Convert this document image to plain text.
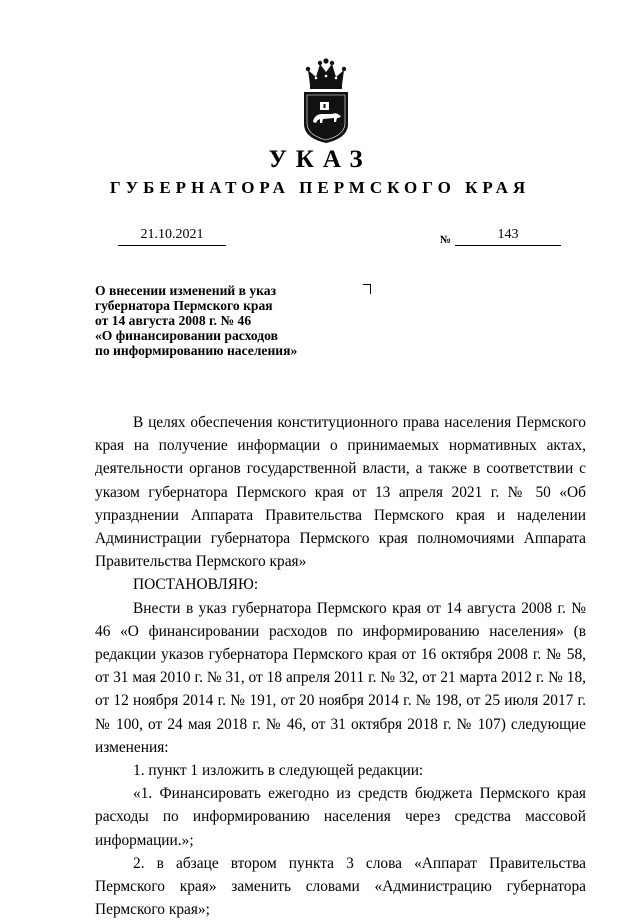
УКАЗ
ГУБЕРНАТОРА ПЕРМСКОГО КРАЯ
21.10.2021	№	143
О внесении изменений в указ
губернатора Пермского края
от 14 августа 2008 г. № 46
«О финансировании расходов
по информированию населения»

В целях обеспечения конституционного права населения Пермского края на получение информации о принимаемых нормативных актах, деятельности органов государственной власти, а также в соответствии с указом губернатора Пермского края от 13 апреля 2021 г. № 50 «Об упразднении Аппарата Правительства Пермского края и наделении Администрации губернатора Пермского края полномочиями Аппарата Правительства Пермского края»

ПОСТАНОВЛЯЮ:

Внести в указ губернатора Пермского края от 14 августа 2008 г. № 46 «О финансировании расходов по информированию населения» (в редакции указов губернатора Пермского края от 16 октября 2008 г. № 58, от 31 мая 2010 г. № 31, от 18 апреля 2011 г. № 32, от 21 марта 2012 г. № 18, от 12 ноября 2014 г. № 191, от 20 ноября 2014 г. № 198, от 25 июля 2017 г. № 100, от 24 мая 2018 г. № 46, от 31 октября 2018 г. № 107) следующие изменения:

1. пункт 1 изложить в следующей редакции:

«1. Финансировать ежегодно из средств бюджета Пермского края расходы по информированию населения через средства массовой информации.»;

2. в абзаце втором пункта 3 слова «Аппарат Правительства Пермского края» заменить словами «Администрацию губернатора Пермского края»;
